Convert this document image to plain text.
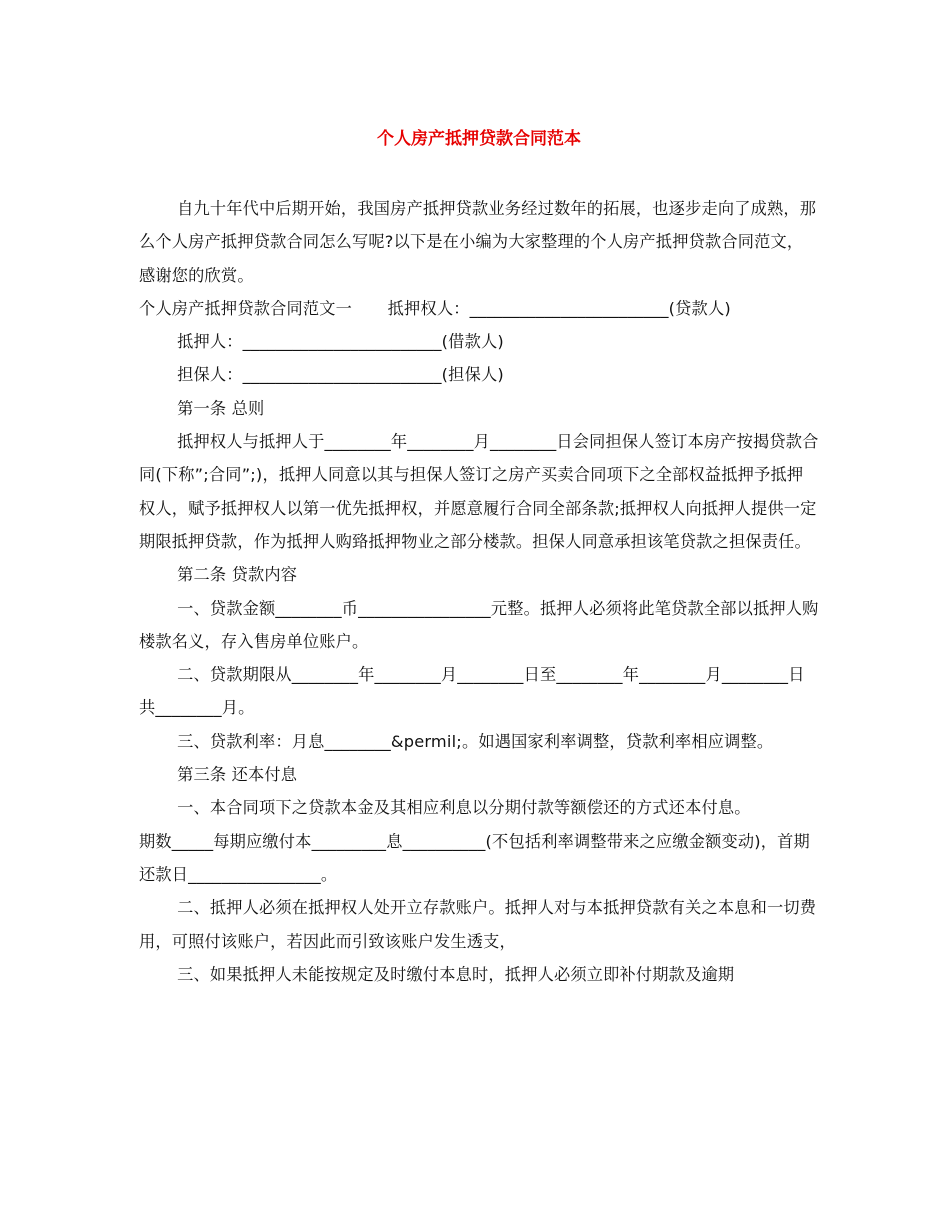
个人房产抵押贷款合同范本

自九十年代中后期开始，我国房产抵押贷款业务经过数年的拓展，也逐步走向了成熟，那么个人房产抵押贷款合同怎么写呢?以下是在小编为大家整理的个人房产抵押贷款合同范文，感谢您的欣赏。

个人房产抵押贷款合同范文一 抵押权人：________________________(贷款人)

抵押人：________________________(借款人)

担保人：________________________(担保人)

第一条 总则

抵押权人与抵押人于________年________月________日会同担保人签订本房产按揭贷款合同(下称”;合同”;)，抵押人同意以其与担保人签订之房产买卖合同项下之全部权益抵押予抵押权人，赋予抵押权人以第一优先抵押权，并愿意履行合同全部条款;抵押权人向抵押人提供一定期限抵押贷款，作为抵押人购臵抵押物业之部分楼款。担保人同意承担该笔贷款之担保责任。

第二条 贷款内容

一、贷款金额________币________________元整。抵押人必须将此笔贷款全部以抵押人购楼款名义，存入售房单位账户。

二、贷款期限从________年________月________日至________年________月________日共________月。

三、贷款利率：月息________&permil;。如遇国家利率调整，贷款利率相应调整。

第三条 还本付息

一、本合同项下之贷款本金及其相应利息以分期付款等额偿还的方式还本付息。

期数_____每期应缴付本_________息__________(不包括利率调整带来之应缴金额变动)，首期还款日________________。

二、抵押人必须在抵押权人处开立存款账户。抵押人对与本抵押贷款有关之本息和一切费用，可照付该账户，若因此而引致该账户发生透支，

三、如果抵押人未能按规定及时缴付本息时，抵押人必须立即补付期款及逾期
